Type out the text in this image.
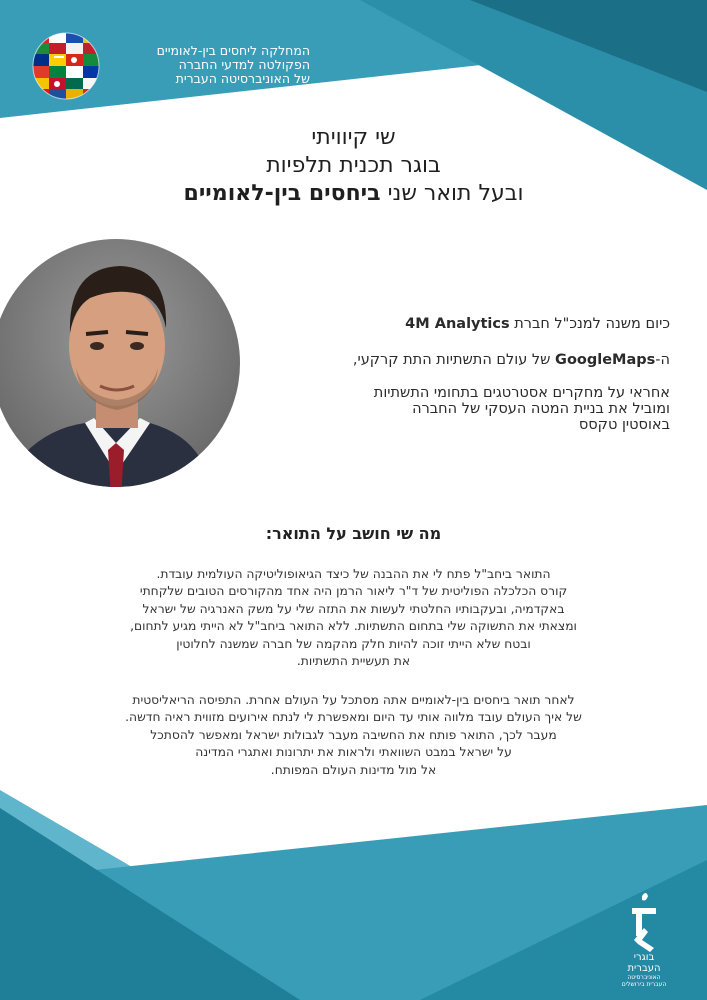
המחלקה ליחסים בין-לאומיים
הפקולטה למדעי החברה
של האוניברסיטה העברית
שי קיוויתי
בוגר תכנית תלפיות
ובעל תואר שני ביחסים בין-לאומיים
כיום משנה למנכ"ל חברת 4M Analytics
ה-GoogleMaps של עולם התשתיות התת קרקעי,
אחראי על מחקרים אסטרטגים בתחומי התשתיות
ומוביל את בניית המטה העסקי של החברה
באוסטין טקסס
מה שי חושב על התואר:
התואר ביחב"ל פתח לי את ההבנה של כיצד הגיאופוליטיקה העולמית עובדת.
קורס הכלכלה הפוליטית של ד"ר ליאור הרמן היה אחד מהקורסים הטובים שלקחתי
באקדמיה, ובעקבותיו החלטתי לעשות את התזה שלי על משק האנרגיה של ישראל
ומצאתי את התשוקה שלי בתחום התשתיות. ללא התואר ביחב"ל לא הייתי מגיע לתחום,
ובטח שלא הייתי זוכה להיות חלק מהקמה של חברה שמשנה לחלוטין
את תעשיית התשתיות.
לאחר תואר ביחסים בין-לאומיים אתה מסתכל על העולם אחרת. התפיסה הריאליסטית
של איך העולם עובד מלווה אותי עד היום ומאפשרת לי לנתח אירועים מזווית ראיה חדשה.
מעבר לכך, התואר פותח את החשיבה מעבר לגבולות ישראל ומאפשר להסתכל
על ישראל במבט השוואתי ולראות את יתרונות ואתגרי המדינה
אל מול מדינות העולם המפותח.
בוגרי
העברית
האוניברסיטה
העברית בירושלים
